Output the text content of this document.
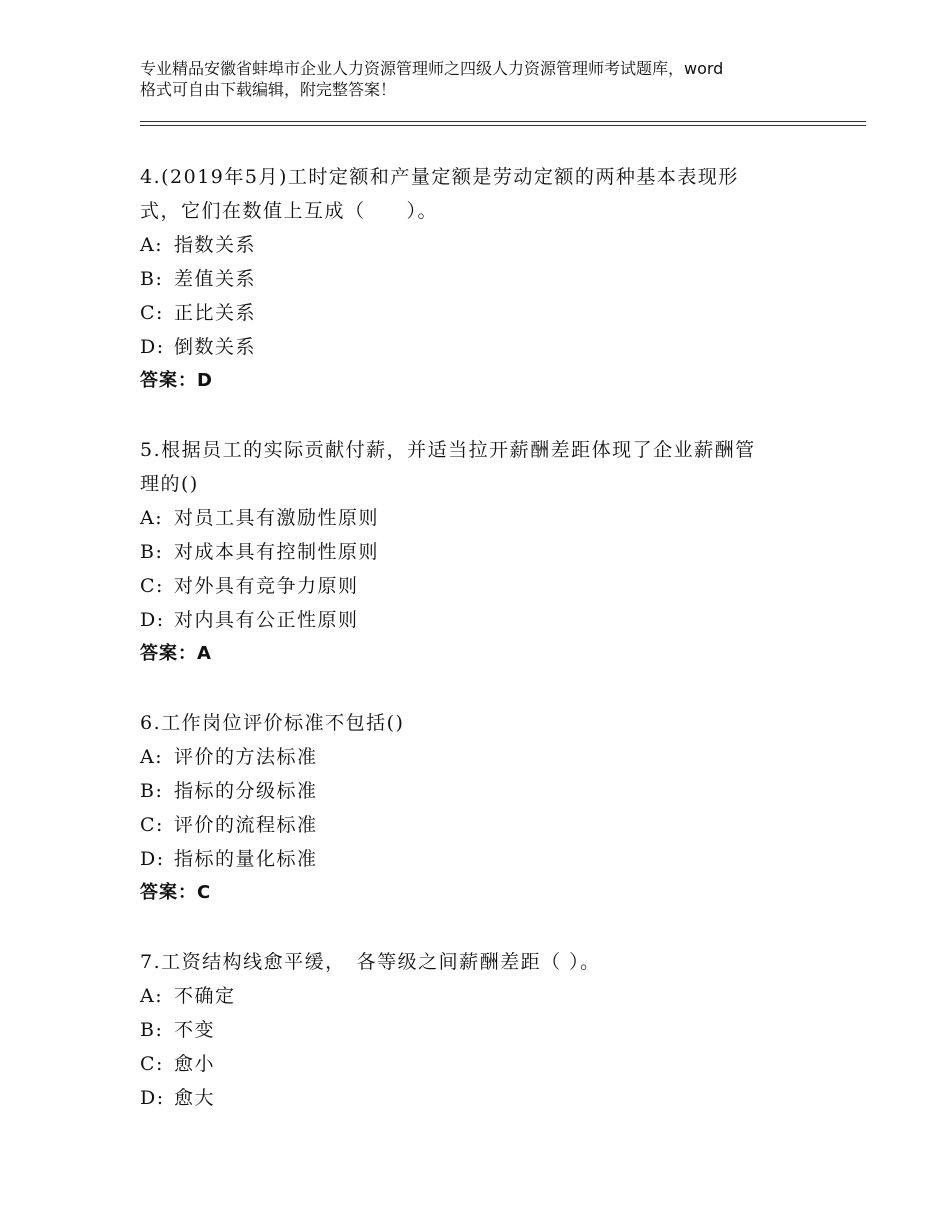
专业精品安徽省蚌埠市企业人力资源管理师之四级人力资源管理师考试题库，word
格式可自由下载编辑，附完整答案！
4.(2019年5月)工时定额和产量定额是劳动定额的两种基本表现形
式，它们在数值上互成（　　）。
A: 指数关系
B: 差值关系
C: 正比关系
D: 倒数关系
答案：D
5.根据员工的实际贡献付薪，并适当拉开薪酬差距体现了企业薪酬管
理的()
A: 对员工具有激励性原则
B: 对成本具有控制性原则
C: 对外具有竞争力原则
D: 对内具有公正性原则
答案：A
6.工作岗位评价标准不包括()
A: 评价的方法标准
B: 指标的分级标准
C: 评价的流程标准
D: 指标的量化标准
答案：C
7.工资结构线愈平缓，　各等级之间薪酬差距（ ）。
A: 不确定
B: 不变
C: 愈小
D: 愈大
